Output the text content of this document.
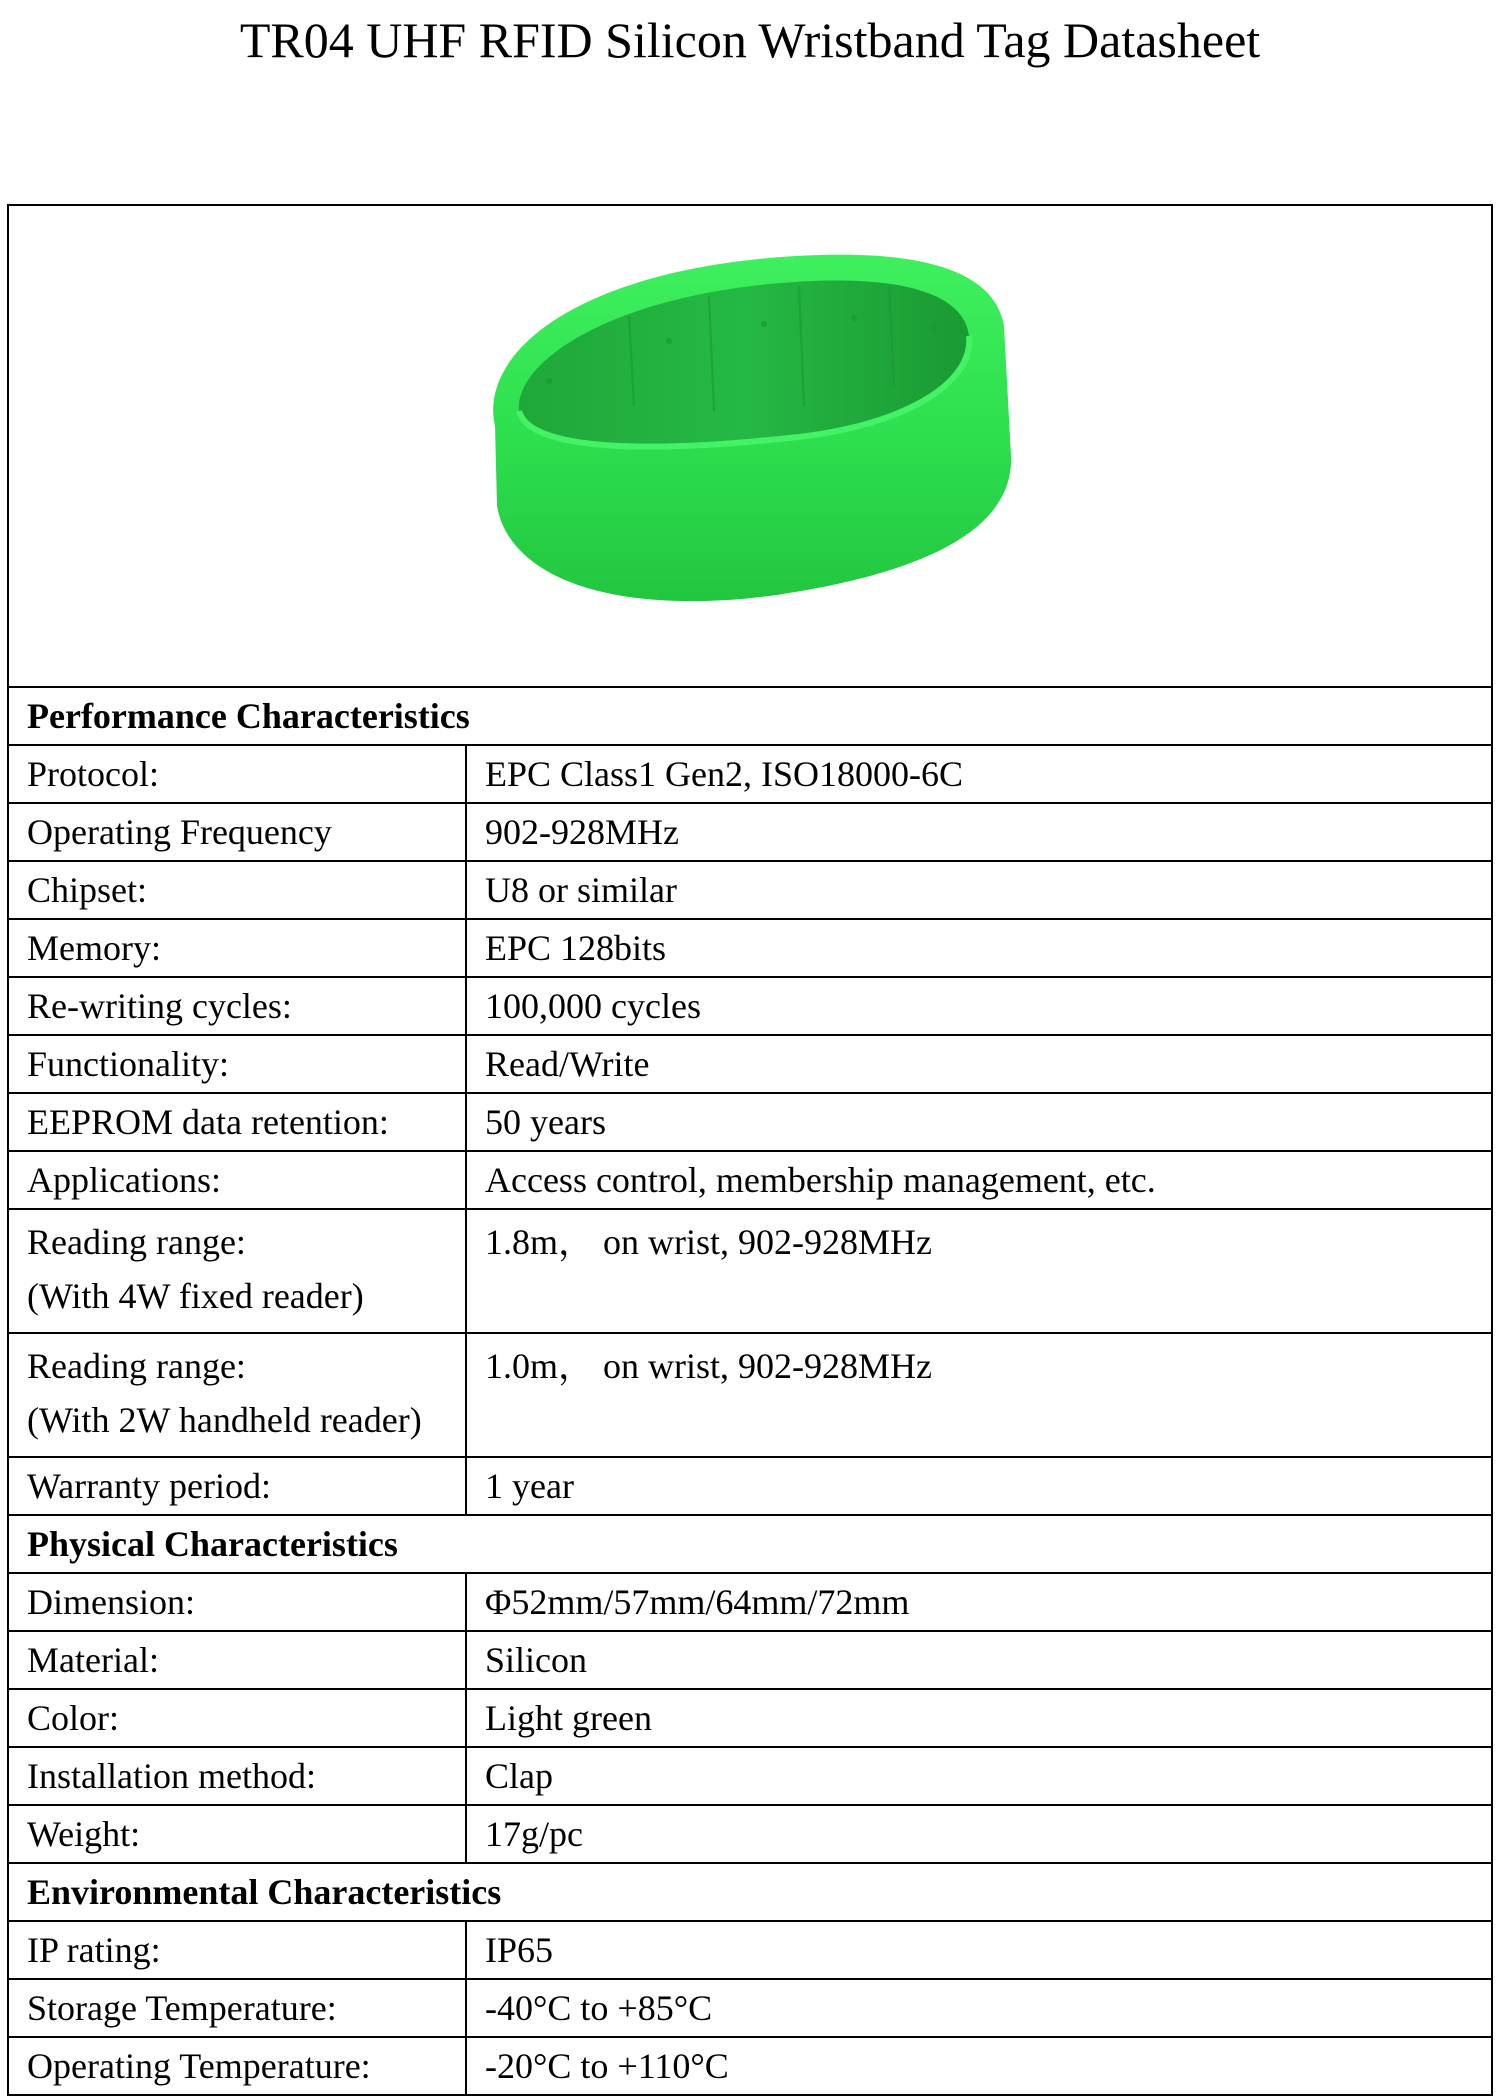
TR04 UHF RFID Silicon Wristband Tag Datasheet

Performance Characteristics	
Protocol:	EPC Class1 Gen2, ISO18000-6C
Operating Frequency	902-928MHz
Chipset:	U8 or similar
Memory:	EPC 128bits
Re-writing cycles:	100,000 cycles
Functionality:	Read/Write
EEPROM data retention:	50 years
Applications:	Access control, membership management, etc.

Reading range:
(With 4W fixed reader)	1.8m， on wrist, 902-928MHz

Reading range:
(With 2W handheld reader)	1.0m， on wrist, 902-928MHz
Warranty period:	1 year
Physical Characteristics	
Dimension:	Φ52mm/57mm/64mm/72mm
Material:	Silicon
Color:	Light green
Installation method:	Clap
Weight:	17g/pc
Environmental Characteristics	
IP rating:	IP65
Storage Temperature:	-40°C to +85°C
Operating Temperature:	-20°C to +110°C
